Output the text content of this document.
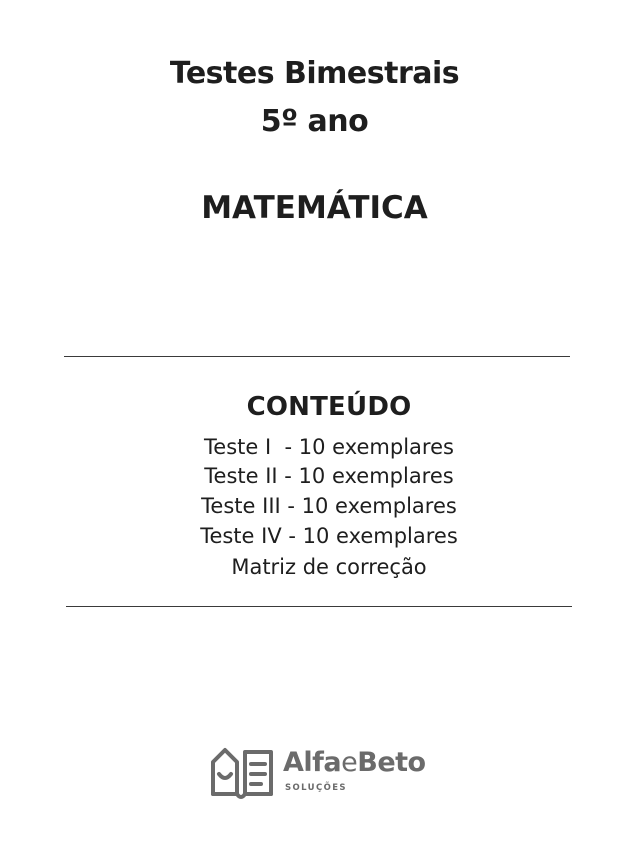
Testes Bimestrais
5º ano
MATEMÁTICA
CONTEÚDO
Teste I  - 10 exemplares
Teste II - 10 exemplares
Teste III - 10 exemplares
Teste IV - 10 exemplares
Matriz de correção
AlfaeBeto
SOLUÇÕES
